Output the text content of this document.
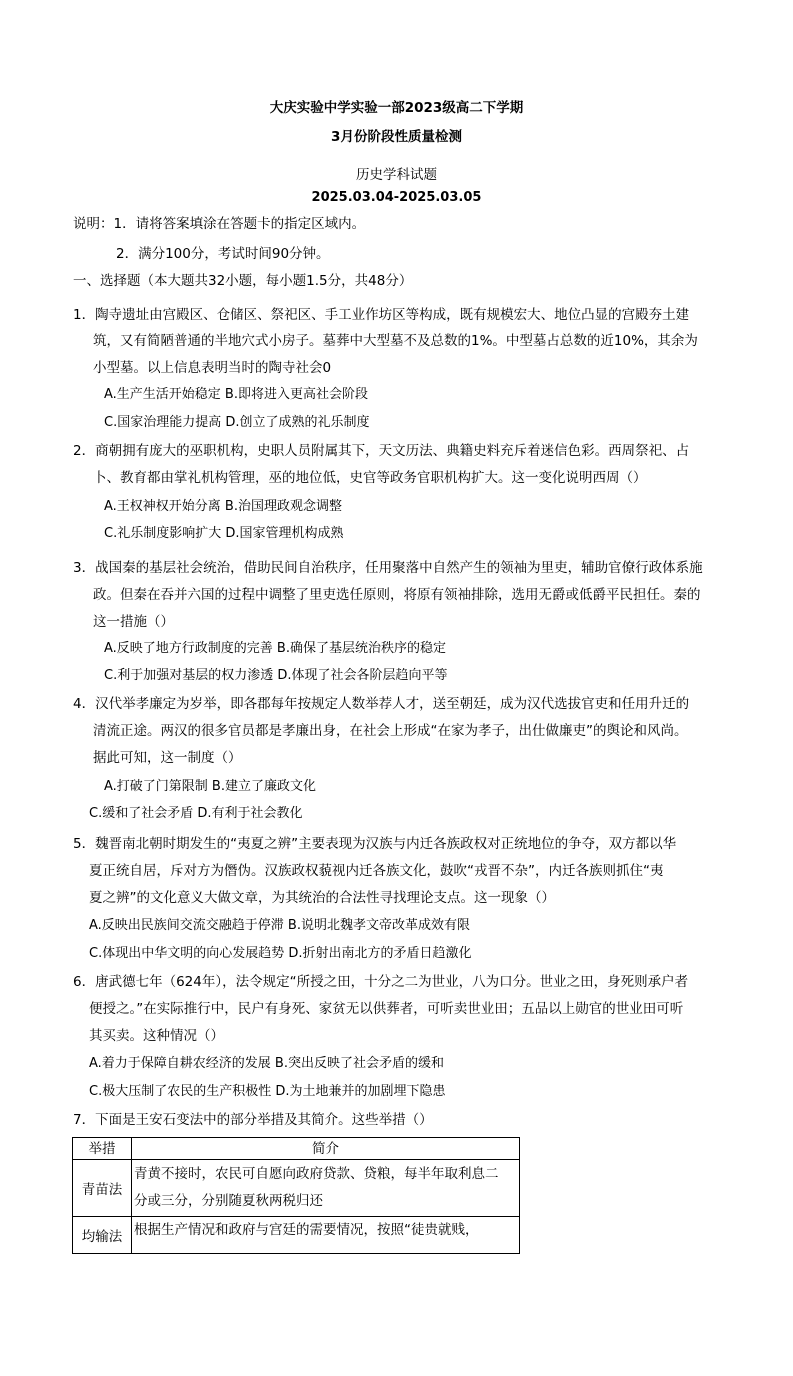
大庆实验中学实验一部2023级高二下学期
3月份阶段性质量检测
历史学科试题
2025.03.04-2025.03.05
说明：1．请将答案填涂在答题卡的指定区域内。
2．满分100分，考试时间90分钟。
一、选择题（本大题共32小题，每小题1.5分，共48分）
1．陶寺遗址由宫殿区、仓储区、祭祀区、手工业作坊区等构成，既有规模宏大、地位凸显的宫殿夯土建
筑，又有简陋普通的半地穴式小房子。墓葬中大型墓不及总数的1%。中型墓占总数的近10%，其余为
小型墓。以上信息表明当时的陶寺社会0
A.生产生活开始稳定 B.即将进入更高社会阶段
C.国家治理能力提高 D.创立了成熟的礼乐制度
2．商朝拥有庞大的巫职机构，史职人员附属其下，天文历法、典籍史料充斥着迷信色彩。西周祭祀、占
卜、教育都由掌礼机构管理，巫的地位低，史官等政务官职机构扩大。这一变化说明西周（）
A.王权神权开始分离 B.治国理政观念调整
C.礼乐制度影响扩大 D.国家管理机构成熟
3．战国秦的基层社会统治，借助民间自治秩序，任用聚落中自然产生的领袖为里吏，辅助官僚行政体系施
政。但秦在吞并六国的过程中调整了里吏选任原则，将原有领袖排除，选用无爵或低爵平民担任。秦的
这一措施（）
A.反映了地方行政制度的完善 B.确保了基层统治秩序的稳定
C.利于加强对基层的权力渗透 D.体现了社会各阶层趋向平等
4．汉代举孝廉定为岁举，即各郡每年按规定人数举荐人才，送至朝廷，成为汉代选拔官吏和任用升迁的
清流正途。两汉的很多官员都是孝廉出身，在社会上形成“在家为孝子，出仕做廉吏”的舆论和风尚。
据此可知，这一制度（）
A.打破了门第限制 B.建立了廉政文化
C.缓和了社会矛盾 D.有利于社会教化
5．魏晋南北朝时期发生的“夷夏之辨”主要表现为汉族与内迁各族政权对正统地位的争夺，双方都以华
夏正统自居，斥对方为僭伪。汉族政权藐视内迁各族文化，鼓吹“戎晋不杂”，内迁各族则抓住“夷
夏之辨”的文化意义大做文章，为其统治的合法性寻找理论支点。这一现象（）
A.反映出民族间交流交融趋于停滞 B.说明北魏孝文帝改革成效有限
C.体现出中华文明的向心发展趋势 D.折射出南北方的矛盾日趋激化
6．唐武德七年（624年），法令规定“所授之田，十分之二为世业，八为口分。世业之田，身死则承户者
便授之。”在实际推行中，民户有身死、家贫无以供葬者，可听卖世业田；五品以上勋官的世业田可听
其买卖。这种情况（）
A.着力于保障自耕农经济的发展 B.突出反映了社会矛盾的缓和
C.极大压制了农民的生产积极性 D.为土地兼并的加剧埋下隐患
7．下面是王安石变法中的部分举措及其简介。这些举措（）
举措	简介
青苗法	青黄不接时，农民可自愿向政府贷款、贷粮，每半年取利息二
分或三分，分别随夏秋两税归还

均输法	根据生产情况和政府与宫廷的需要情况，按照“徒贵就贱，
